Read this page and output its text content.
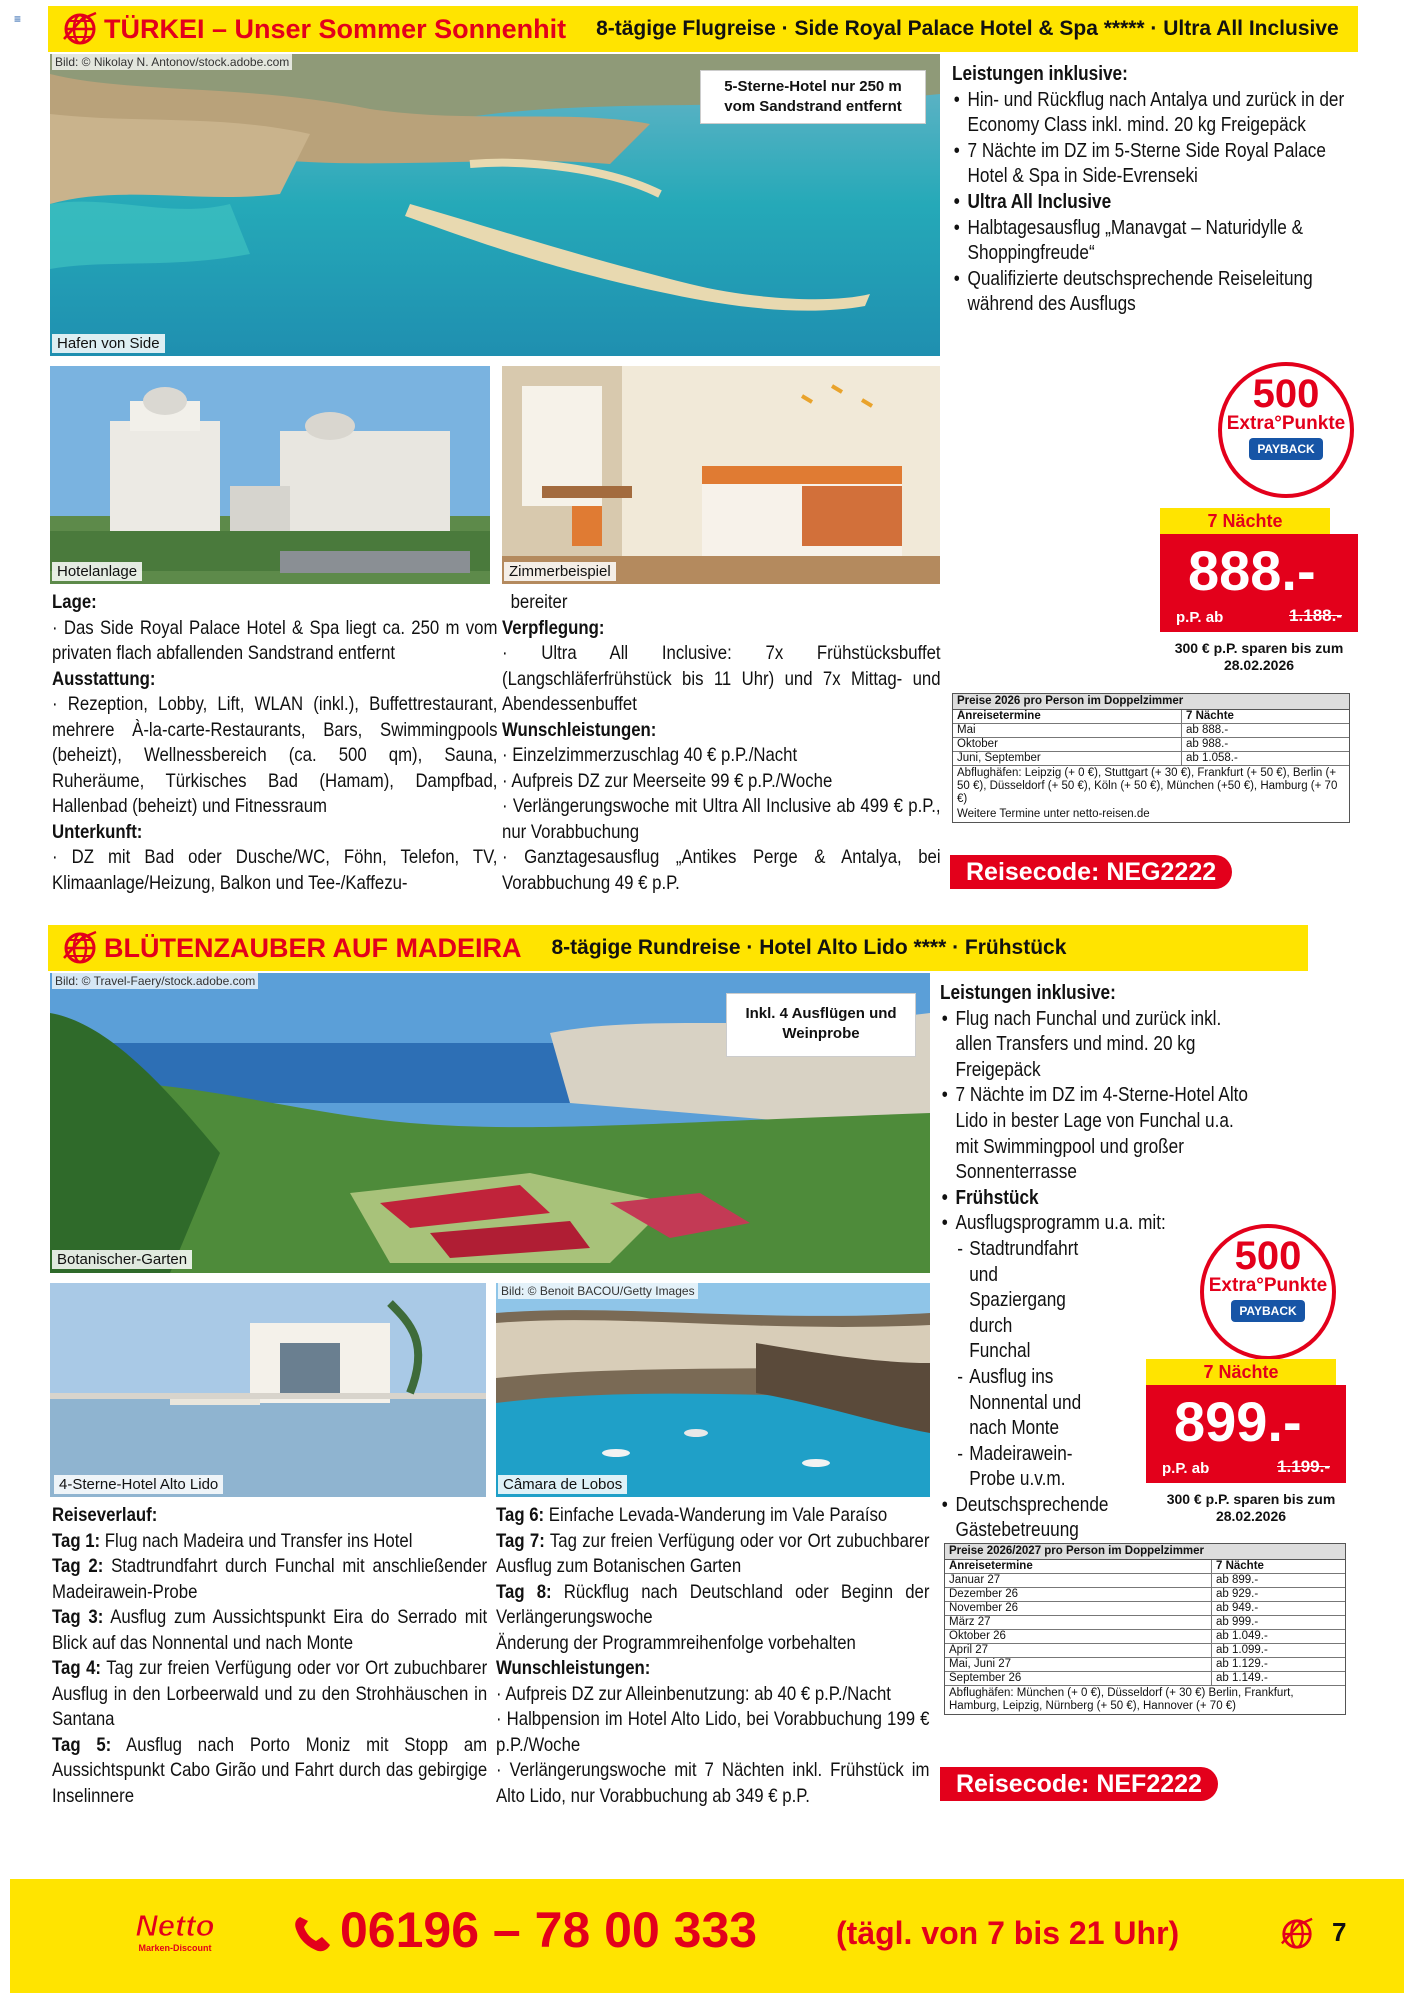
≡	TÜRKEI – Unser Sommer Sonnenhit 8-tägige Flugreise · Side Royal Palace Hotel & Spa ***** · Ultra All Inclusive
Bild: © Nikolay N. Antonov/stock.adobe.com
5-Sterne-Hotel nur 250 m vom Sandstrand entfernt
Hafen von Side
Hotelanlage	Zimmerbeispiel

Leistungen inklusive:

• Hin- und Rückflug nach Antalya und zurück in der Economy Class inkl. mind. 20 kg Freigepäck
• 7 Nächte im DZ im 5-Sterne Side Royal Palace Hotel & Spa in Side-Evrenseki
• Ultra All Inclusive
• Halbtagesausflug „Manavgat – Naturidylle & Shoppingfreude“
• Qualifizierte deutschsprechende Reiseleitung während des Ausflugs
500
Extra°Punkte
PAYBACK
7 Nächte
888.-
p.P. ab	1.188.-
300 € p.P. sparen bis zum 28.02.2026
Preise 2026 pro Person im Doppelzimmer
Anreisetermine	7 Nächte
Mai	ab 888.-
Oktober	ab 988.-
Juni, September	ab 1.058.-
Abflughäfen: Leipzig (+ 0 €), Stuttgart (+ 30 €), Frankfurt (+ 50 €), Berlin (+ 50 €), Düsseldorf (+ 50 €), Köln (+ 50 €), München (+50 €), Hamburg (+ 70 €)
Weitere Termine unter netto-reisen.de
Reisecode: NEG2222

Lage:

· Das Side Royal Palace Hotel & Spa liegt ca. 250 m vom privaten flach abfallenden Sandstrand entfernt

Ausstattung:

· Rezeption, Lobby, Lift, WLAN (inkl.), Buffettrestaurant, mehrere À-la-carte-Restaurants, Bars, Swimmingpools (beheizt), Wellnessbereich (ca. 500 qm), Sauna, Ruheräume, Türkisches Bad (Hamam), Dampfbad, Hallenbad (beheizt) und Fitnessraum

Unterkunft:

· DZ mit Bad oder Dusche/WC, Föhn, Telefon, TV, Klimaanlage/Heizung, Balkon und Tee-/Kaffezu-

bereiter

Verpflegung:

· Ultra All Inclusive: 7x Frühstücksbuffet (Langschläferfrühstück bis 11 Uhr) und 7x Mittag- und Abendessenbuffet

Wunschleistungen:

· Einzelzimmerzuschlag 40 € p.P./Nacht

· Aufpreis DZ zur Meerseite 99 € p.P./Woche

· Verlängerungswoche mit Ultra All Inclusive ab 499 € p.P., nur Vorabbuchung

· Ganztagesausflug „Antikes Perge & Antalya, bei Vorabbuchung 49 € p.P.

BLÜTENZAUBER AUF MADEIRA 8-tägige Rundreise · Hotel Alto Lido **** · Frühstück
Bild: © Travel-Faery/stock.adobe.com
Inkl. 4 Ausflügen und Weinprobe
Botanischer-Garten
4-Sterne-Hotel Alto Lido
Bild: © Benoit BACOU/Getty Images
Câmara de Lobos

Leistungen inklusive:

• Flug nach Funchal und zurück inkl. allen Transfers und mind. 20 kg Freigepäck
• 7 Nächte im DZ im 4-Sterne-Hotel Alto Lido in bester Lage von Funchal u.a. mit Swimmingpool und großer Sonnenterrasse
• Frühstück
• Ausflugsprogramm u.a. mit:
- Stadtrundfahrt und Spaziergang durch Funchal
- Ausflug ins Nonnental und nach Monte
- Madeirawein-Probe u.v.m.
• Deutschsprechende Gästebetreuung
500
Extra°Punkte
PAYBACK
7 Nächte
899.-
p.P. ab	1.199.-
300 € p.P. sparen bis zum 28.02.2026
Preise 2026/2027 pro Person im Doppelzimmer
Anreisetermine	7 Nächte
Januar 27	ab 899.-
Dezember 26	ab 929.-
November 26	ab 949.-
März 27	ab 999.-
Oktober 26	ab 1.049.-
April 27	ab 1.099.-
Mai, Juni 27	ab 1.129.-
September 26	ab 1.149.-
Abflughäfen: München (+ 0 €), Düsseldorf (+ 30 €) Berlin, Frankfurt, Hamburg, Leipzig, Nürnberg (+ 50 €), Hannover (+ 70 €)
Reisecode: NEF2222

Reiseverlauf:

Tag 1: Flug nach Madeira und Transfer ins Hotel

Tag 2: Stadtrundfahrt durch Funchal mit anschließender Madeirawein-Probe

Tag 3: Ausflug zum Aussichtspunkt Eira do Serrado mit Blick auf das Nonnental und nach Monte

Tag 4: Tag zur freien Verfügung oder vor Ort zubuchbarer Ausflug in den Lorbeerwald und zu den Strohhäuschen in Santana

Tag 5: Ausflug nach Porto Moniz mit Stopp am Aussichtspunkt Cabo Girão und Fahrt durch das gebirgige Inselinnere

Tag 6: Einfache Levada-Wanderung im Vale Paraíso

Tag 7: Tag zur freien Verfügung oder vor Ort zubuchbarer Ausflug zum Botanischen Garten

Tag 8: Rückflug nach Deutschland oder Beginn der Verlängerungswoche

Änderung der Programmreihenfolge vorbehalten

Wunschleistungen:

· Aufpreis DZ zur Alleinbenutzung: ab 40 € p.P./Nacht

· Halbpension im Hotel Alto Lido, bei Vorabbuchung 199 € p.P./Woche

· Verlängerungswoche mit 7 Nächten inkl. Frühstück im Alto Lido, nur Vorabbuchung ab 349 € p.P.

Netto
Marken-Discount	06196 – 78 00 333 (tägl. von 7 bis 21 Uhr)	7
